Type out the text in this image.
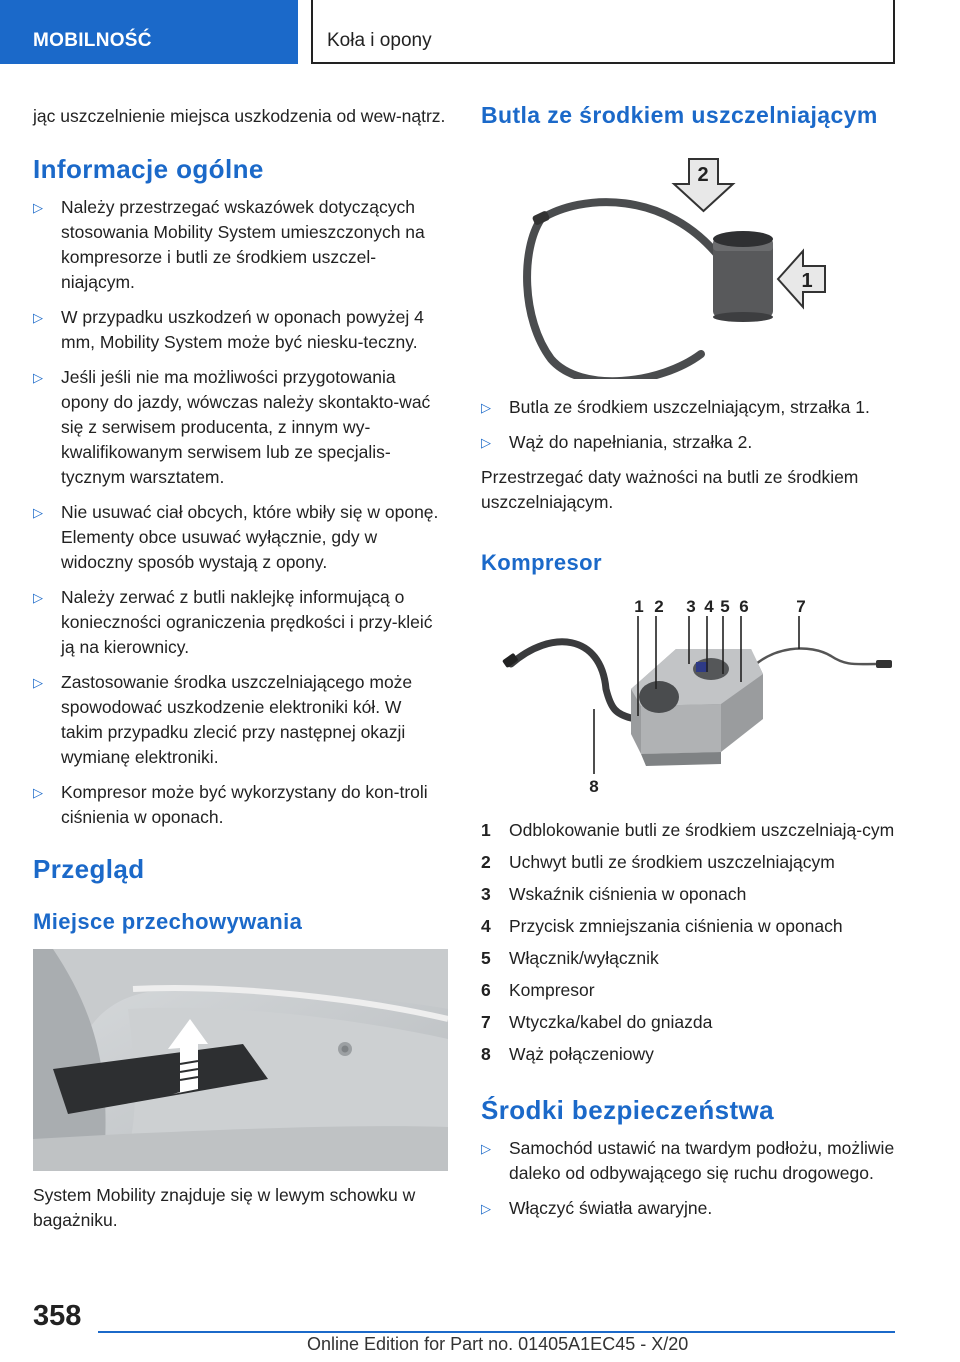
MOBILNOŚĆ	Koła i opony

jąc uszczelnienie miejsca uszkodzenia od wew-nątrz.

Informacje ogólne
▷ Należy przestrzegać wskazówek dotyczących stosowania Mobility System umieszczonych na kompresorze i butli ze środkiem uszczel-niającym.
▷ W przypadku uszkodzeń w oponach powyżej 4 mm, Mobility System może być niesku-teczny.
▷ Jeśli jeśli nie ma możliwości przygotowania opony do jazdy, wówczas należy skontakto-wać się z serwisem producenta, z innym wy-kwalifikowanym serwisem lub ze specjalis-tycznym warsztatem.
▷ Nie usuwać ciał obcych, które wbiły się w oponę. Elementy obce usuwać wyłącznie, gdy w widoczny sposób wystają z opony.
▷ Należy zerwać z butli naklejkę informującą o konieczności ograniczenia prędkości i przy-kleić ją na kierownicy.
▷ Zastosowanie środka uszczelniającego może spowodować uszkodzenie elektroniki kół. W takim przypadku zlecić przy następnej okazji wymianę elektroniki.
▷ Kompresor może być wykorzystany do kon-troli ciśnienia w oponach.
Przegląd
Miejsce przechowywania

System Mobility znajduje się w lewym schowku w bagażniku.

Butla ze środkiem uszczelniającym
2
1
▷ Butla ze środkiem uszczelniającym, strzałka 1.
▷ Wąż do napełniania, strzałka 2.

Przestrzegać daty ważności na butli ze środkiem uszczelniającym.

Kompresor
1 2 3 4 5 6	7
8
1	Odblokowanie butli ze środkiem uszczelniają-cym
2	Uchwyt butli ze środkiem uszczelniającym
3	Wskaźnik ciśnienia w oponach
4	Przycisk zmniejszania ciśnienia w oponach
5	Włącznik/wyłącznik
6	Kompresor
7	Wtyczka/kabel do gniazda
8	Wąż połączeniowy
Środki bezpieczeństwa
▷ Samochód ustawić na twardym podłożu, możliwie daleko od odbywającego się ruchu drogowego.
▷ Włączyć światła awaryjne.
358
Online Edition for Part no. 01405A1EC45 - X/20
